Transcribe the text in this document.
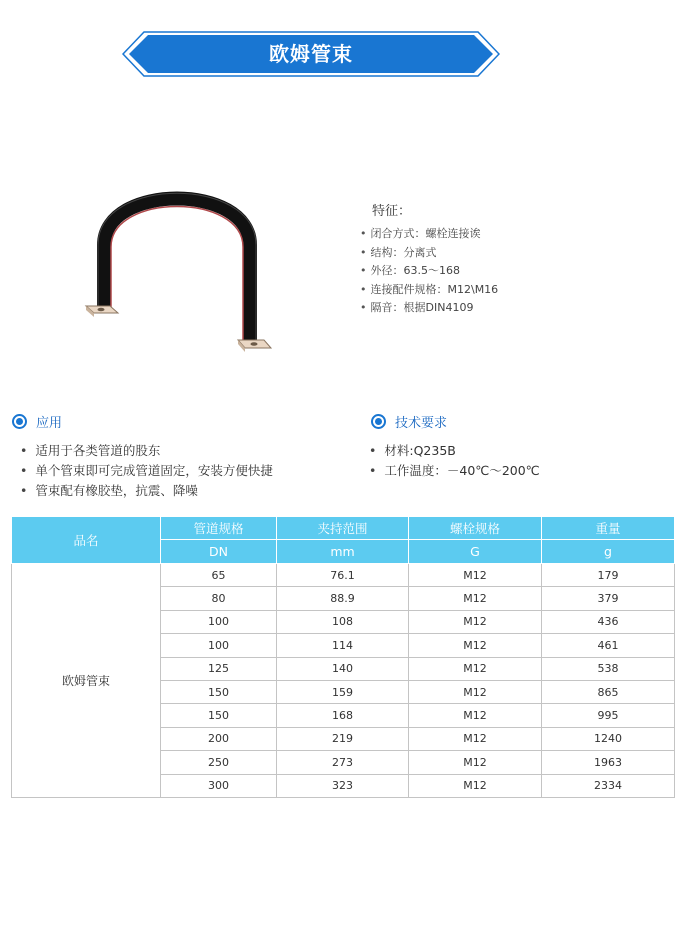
欧姆管束
特征：
• 闭合方式：螺栓连接诶
• 结构：分离式
• 外径：63.5～168
• 连接配件规格：M12\M16
• 隔音：根据DIN4109
应用
• 适用于各类管道的股东
• 单个管束即可完成管道固定，安装方便快捷
• 管束配有橡胶垫，抗震、降噪
技术要求
• 材料:Q235B
• 工作温度：－40℃～200℃
品名	管道规格	夹持范围	螺栓规格	重量
	DN	mm	G	g
欧姆管束	65	76.1	M12	179
	80	88.9	M12	379
	100	108	M12	436
	100	114	M12	461
	125	140	M12	538
	150	159	M12	865
	150	168	M12	995
	200	219	M12	1240
	250	273	M12	1963
	300	323	M12	2334
